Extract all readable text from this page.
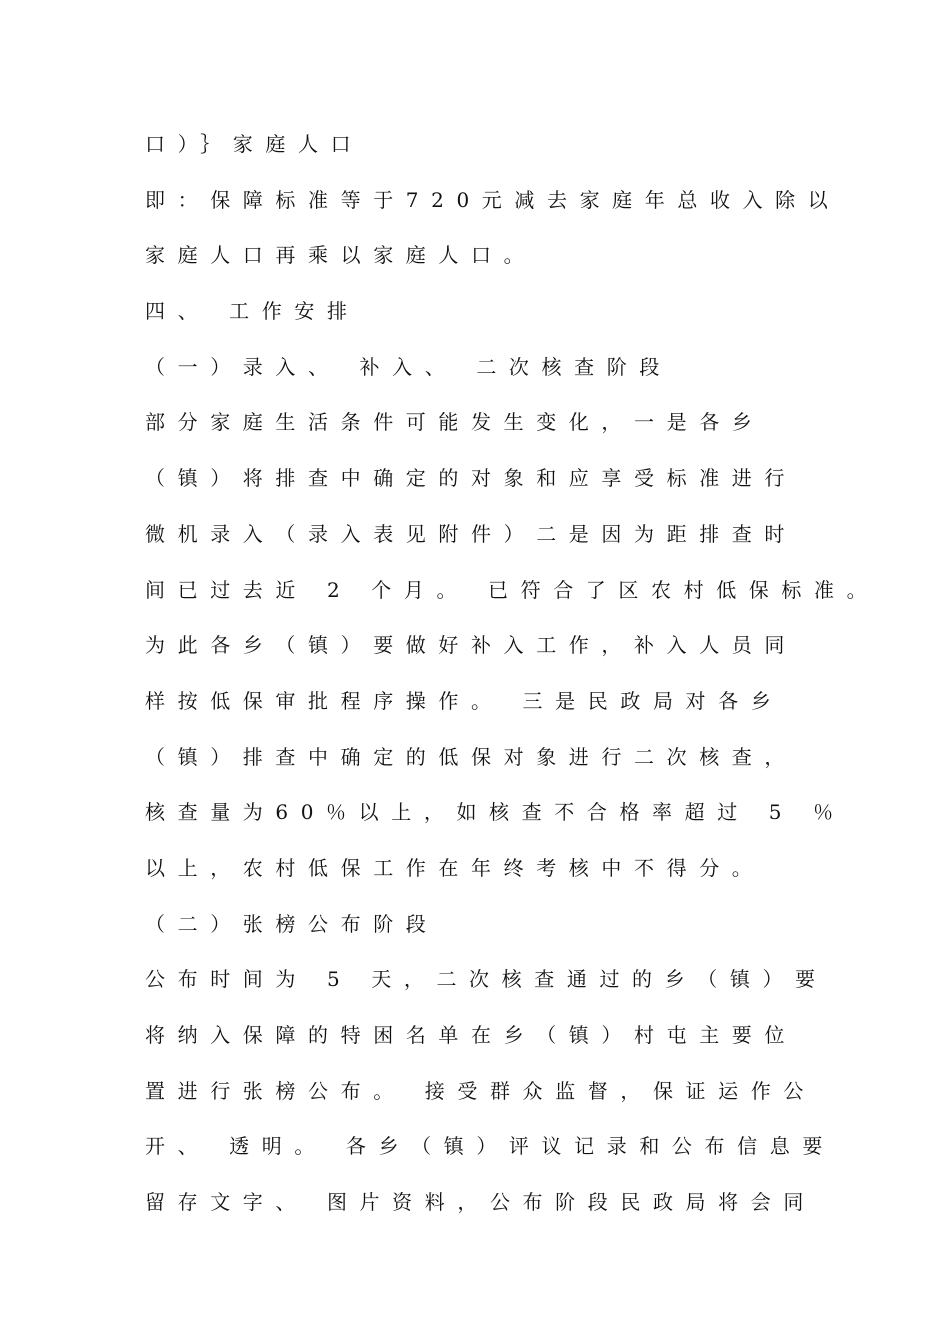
口）｝家庭人口
即：保障标准等于720元减去家庭年总收入除以
家庭人口再乘以家庭人口。
四、 工作安排
（一）录入、 补入、 二次核查阶段
部分家庭生活条件可能发生变化，一是各乡
（镇）将排查中确定的对象和应享受标准进行
微机录入（录入表见附件）二是因为距排查时
间已过去近 2 个月。 已符合了区农村低保标准。
为此各乡（镇）要做好补入工作，补入人员同
样按低保审批程序操作。 三是民政局对各乡
（镇）排查中确定的低保对象进行二次核查，
核查量为60％以上，如核查不合格率超过 5 ％
以上，农村低保工作在年终考核中不得分。
（二）张榜公布阶段
公布时间为 5 天，二次核查通过的乡（镇）要
将纳入保障的特困名单在乡（镇）村屯主要位
置进行张榜公布。 接受群众监督，保证运作公
开、 透明。 各乡（镇）评议记录和公布信息要
留存文字、 图片资料，公布阶段民政局将会同
